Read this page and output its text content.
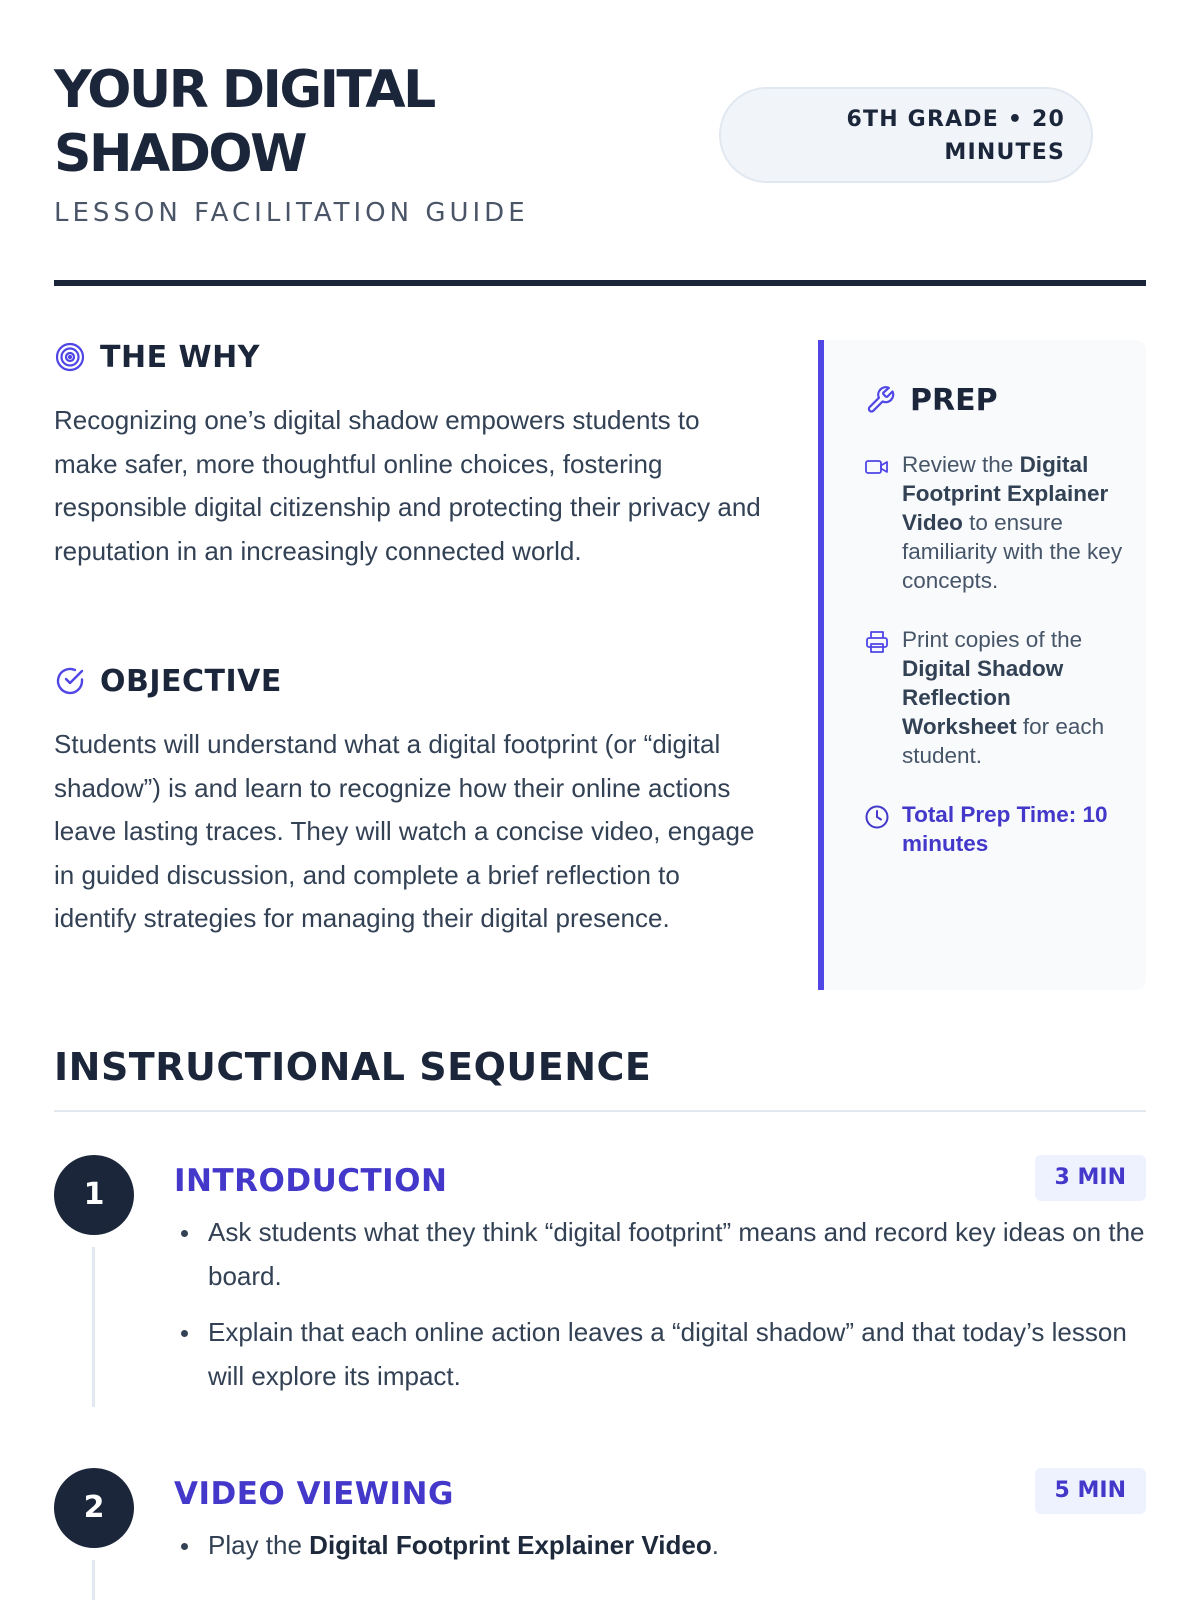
YOUR DIGITAL SHADOW
LESSON FACILITATION GUIDE
6TH GRADE • 20 MINUTES
THE WHY

Recognizing one’s digital shadow empowers students to make safer, more thoughtful online choices, fostering responsible digital citizenship and protecting their privacy and reputation in an increasingly connected world.

OBJECTIVE

Students will understand what a digital footprint (or “digital shadow”) is and learn to recognize how their online actions leave lasting traces. They will watch a concise video, engage in guided discussion, and complete a brief reflection to identify strategies for managing their digital presence.

PREP
Review the Digital Footprint Explainer Video to ensure familiarity with the key concepts.
Print copies of the Digital Shadow Reflection Worksheet for each student.
Total Prep Time: 10 minutes
INSTRUCTIONAL SEQUENCE
1	INTRODUCTION	3 MIN
Ask students what they think “digital footprint” means and record key ideas on the board.
Explain that each online action leaves a “digital shadow” and that today’s lesson will explore its impact.
2	VIDEO VIEWING	5 MIN
Play the Digital Footprint Explainer Video.
